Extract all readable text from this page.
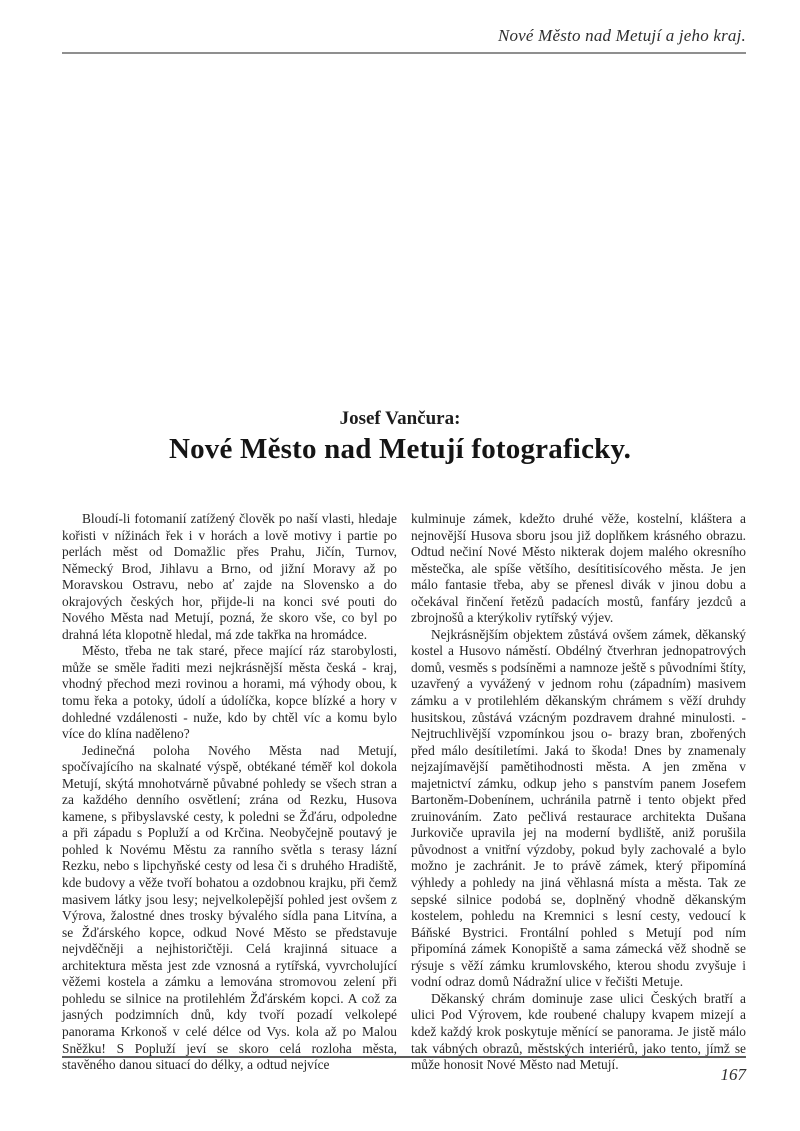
Nové Město nad Metují a jeho kraj.
Josef Vančura:
Nové Město nad Metují fotograficky.

Bloudí-li fotomanií zatížený člověk po naší vlasti, hledaje kořisti v nížinách řek i v horách a lově motivy i partie po perlách měst od Domažlic přes Prahu, Jičín, Turnov, Německý Brod, Jihlavu a Brno, od jižní Moravy až po Moravskou Ostravu, nebo ať zajde na Slovensko a do okrajových českých hor, přijde-li na konci své pouti do Nového Města nad Metují, pozná, že skoro vše, co byl po drahná léta klopotně hledal, má zde takřka na hromádce.

Město, třeba ne tak staré, přece mající ráz starobylosti, může se směle řaditi mezi nejkrásnější města česká - kraj, vhodný přechod mezi rovinou a horami, má výhody obou, k tomu řeka a potoky, údolí a údolíčka, kopce blízké a hory v dohledné vzdálenosti - nuže, kdo by chtěl víc a komu bylo více do klína naděleno?

Jedinečná poloha Nového Města nad Metují, spočívajícího na skalnaté výspě, obtékané téměř kol dokola Metují, skýtá mnohotvárně půvabné pohledy se všech stran a za každého denního osvětlení; zrána od Rezku, Husova kamene, s přibyslavské cesty, k poledni se Žďáru, odpoledne a při západu s Popluží a od Krčina. Neobyčejně poutavý je pohled k Novému Městu za ranního světla s terasy lázní Rezku, nebo s lipchyňské cesty od lesa či s druhého Hradiště, kde budovy a věže tvoří bohatou a ozdobnou krajku, při čemž masivem látky jsou lesy; nejvelkolepější pohled jest ovšem z Výrova, žalostné dnes trosky bývalého sídla pana Litvína, a se Žďárského kopce, odkud Nové Město se představuje nejvděčněji a nejhistoričtěji. Celá krajinná situace a architektura města jest zde vznosná a rytířská, vyvrcholující věžemi kostela a zámku a lemována stromovou zelení při pohledu se silnice na protilehlém Žďárském kopci. A což za jasných podzimních dnů, kdy tvoří pozadí velkolepé panorama Krkonoš v celé délce od Vys. kola až po Malou Sněžku! S Popluží jeví se skoro celá rozloha města, stavěného danou situací do délky, a odtud nejvíce

kulminuje zámek, kdežto druhé věže, kostelní, kláštera a nejnovější Husova sboru jsou již doplňkem krásného obrazu. Odtud nečiní Nové Město nikterak dojem malého okresního městečka, ale spíše většího, desítitisícového města. Je jen málo fantasie třeba, aby se přenesl divák v jinou dobu a očekával řinčení řetězů padacích mostů, fanfáry jezdců a zbrojnošů a kterýkoliv rytířský výjev.

Nejkrásnějším objektem zůstává ovšem zámek, děkanský kostel a Husovo náměstí. Obdélný čtverhran jednopatrových domů, vesměs s podsíněmi a namnoze ještě s původními štíty, uzavřený a vyvážený v jednom rohu (západním) masivem zámku a v protilehlém děkanským chrámem s věží druhdy husitskou, zůstává vzácným pozdravem drahné minulosti. - Nejtruchlivější vzpomínkou jsou o- brazy bran, zbořených před málo desítiletími. Jaká to škoda! Dnes by znamenaly nejzajímavější pamětihodnosti města. A jen změna v majetnictví zámku, odkup jeho s panstvím panem Josefem Bartoněm-Dobenínem, uchránila patrně i tento objekt před zruinováním. Zato pečlivá restaurace architekta Dušana Jurkoviče upravila jej na moderní bydliště, aniž porušila původnost a vnitřní výzdoby, pokud byly zachovalé a bylo možno je zachránit. Je to právě zámek, který připomíná výhledy a pohledy na jiná věhlasná místa a města. Tak ze sepské silnice podobá se, doplněný vhodně děkanským kostelem, pohledu na Kremnici s lesní cesty, vedoucí k Báňské Bystrici. Frontální pohled s Metují pod ním připomíná zámek Konopiště a sama zámecká věž shodně se rýsuje s věží zámku krumlovského, kterou shodu zvyšuje i vodní odraz domů Nádražní ulice v řečišti Metuje.

Děkanský chrám dominuje zase ulici Českých bratří a ulici Pod Výrovem, kde roubené chalupy kvapem mizejí a kdež každý krok poskytuje měnící se panorama. Je jistě málo tak vábných obrazů, městských interiérů, jako tento, jímž se může honosit Nové Město nad Metují.

167
